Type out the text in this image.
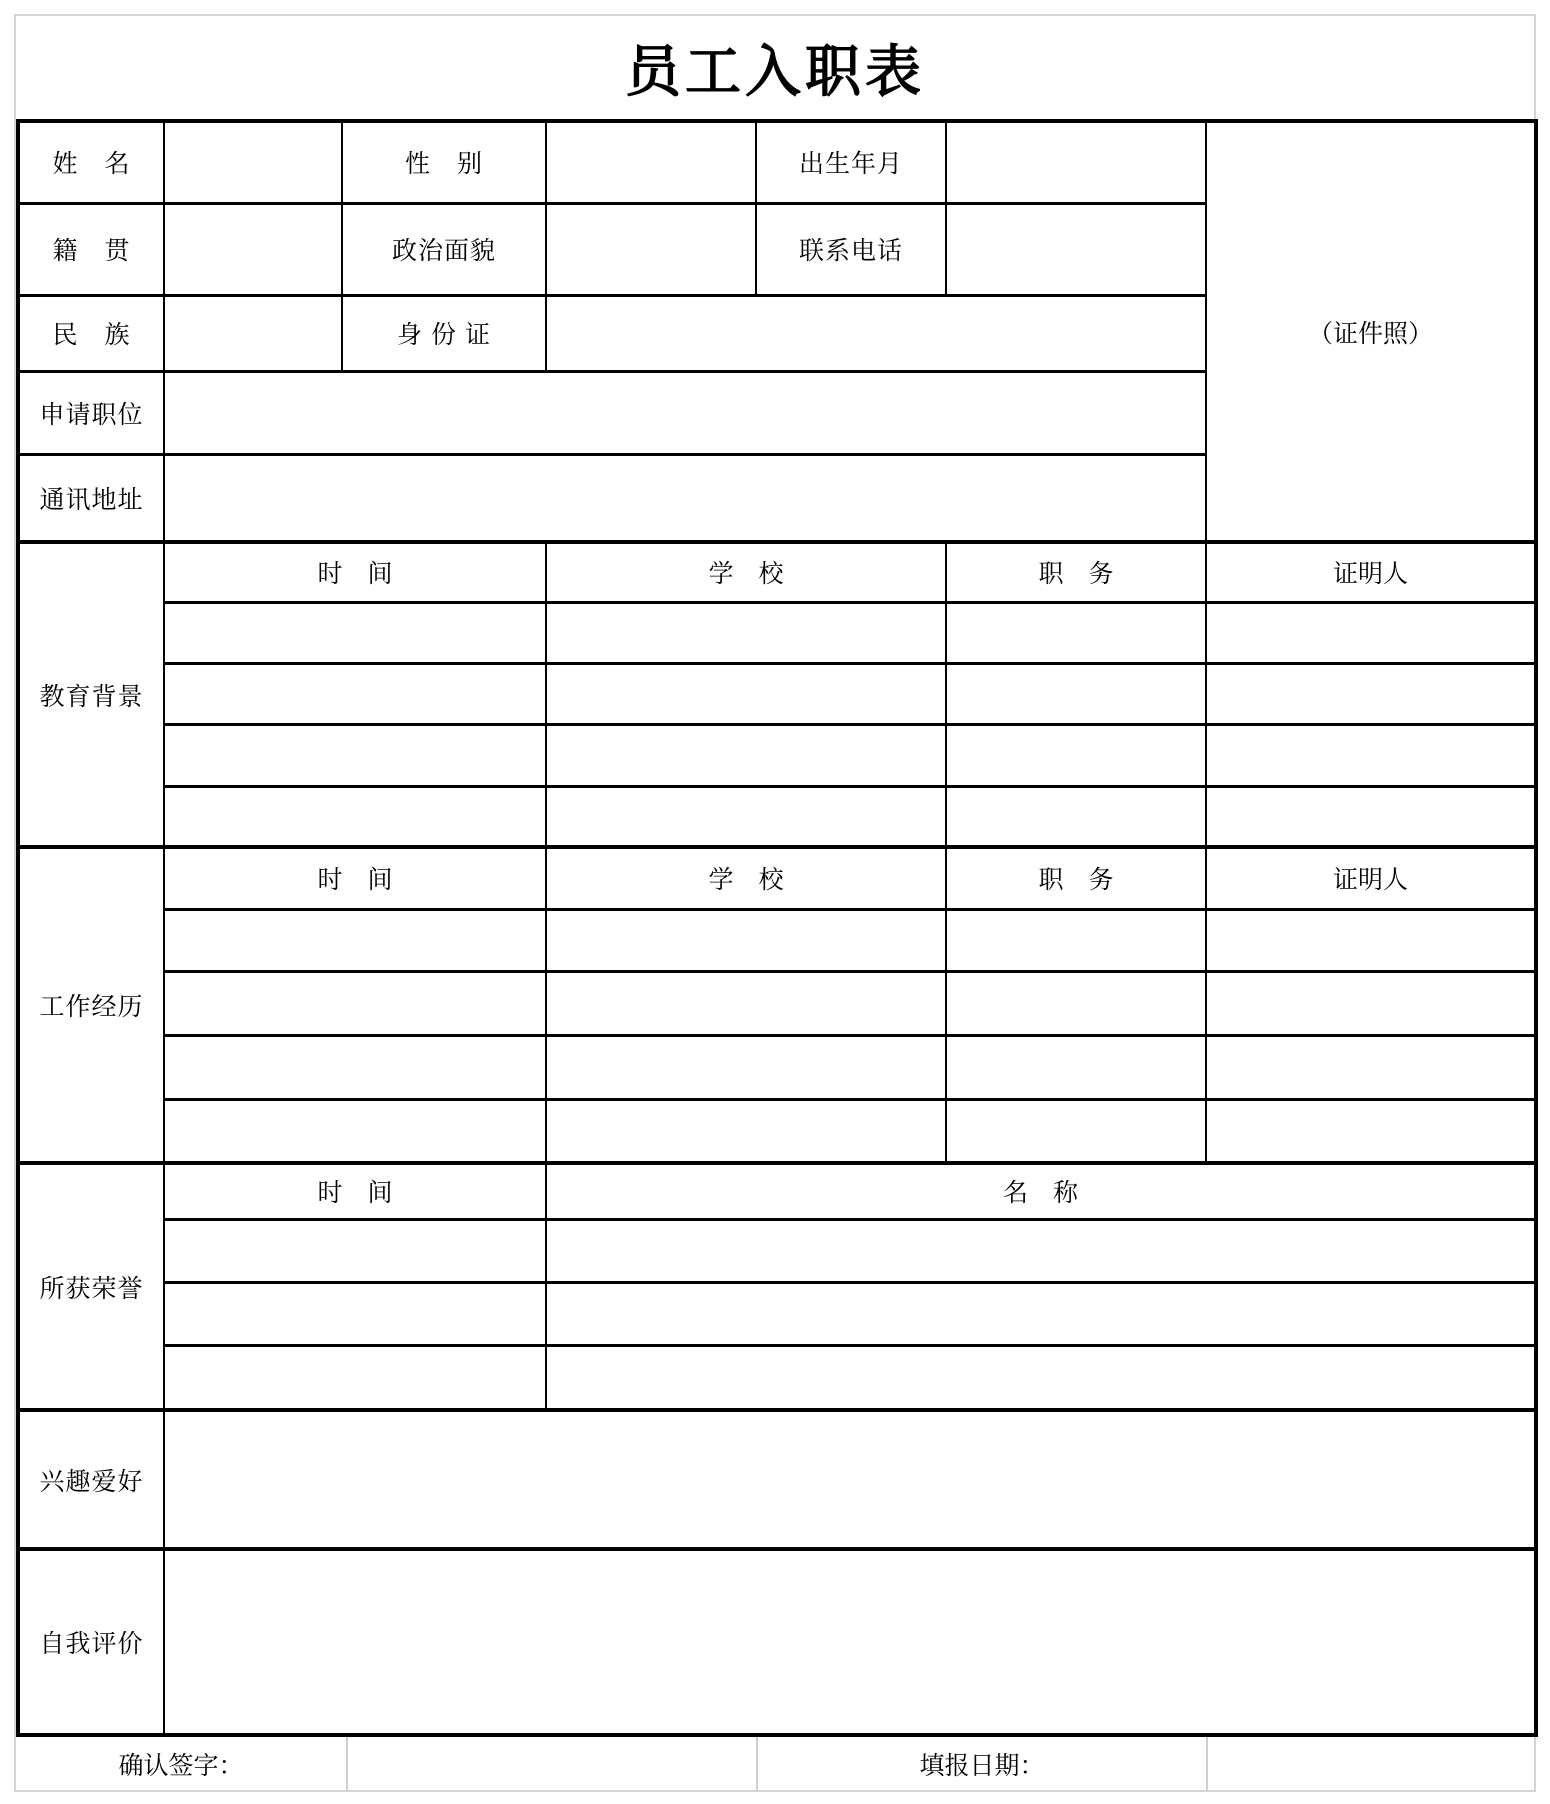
员工入职表
姓　名		性　别		出生年月		（证件照）
籍　贯		政治面貌		联系电话		
民　族		身 份 证				
申请职位						
通讯地址						
教育背景	时　间		学　校		职　务	证明人

工作经历	时　间		学　校		职　务	证明人

所获荣誉	时　间		名　称			

兴趣爱好						
自我评价						
确认签字：	填报日期：
